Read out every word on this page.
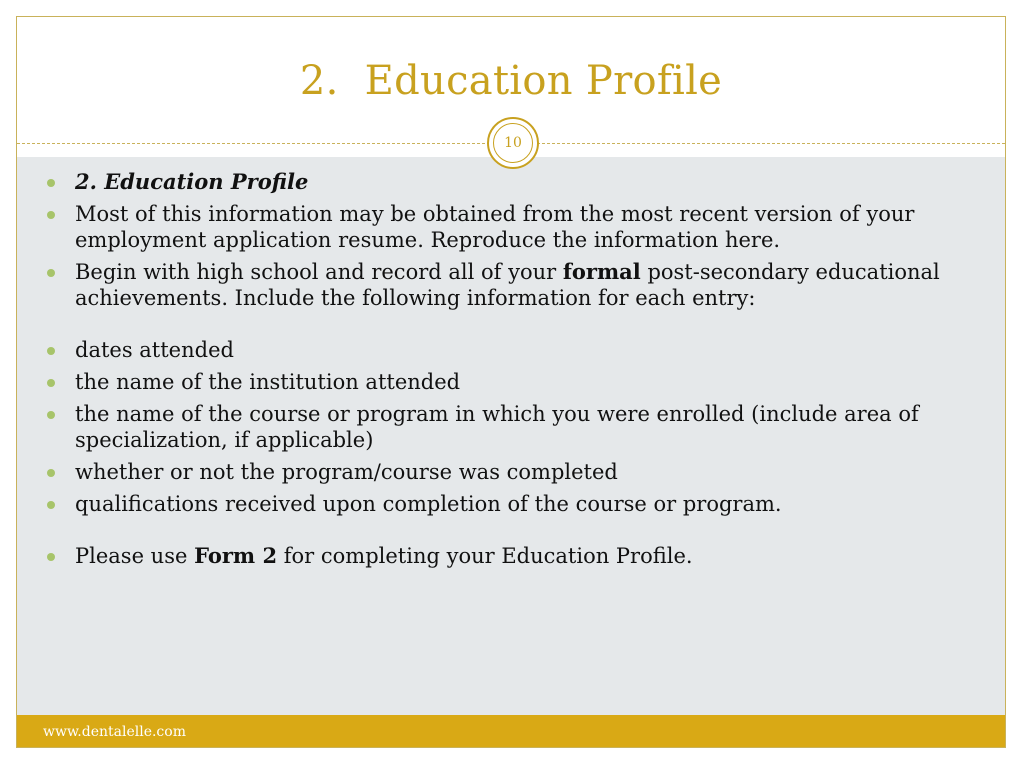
2.  Education Profile
10
2. Education Profile
Most of this information may be obtained from the most recent version of your employment application resume. Reproduce the information here.
Begin with high school and record all of your formal post-secondary educational achievements. Include the following information for each entry:
dates attended
the name of the institution attended
the name of the course or program in which you were enrolled (include area of specialization, if applicable)
whether or not the program/course was completed
qualifications received upon completion of the course or program.
Please use Form 2 for completing your Education Profile.
www.dentalelle.com
